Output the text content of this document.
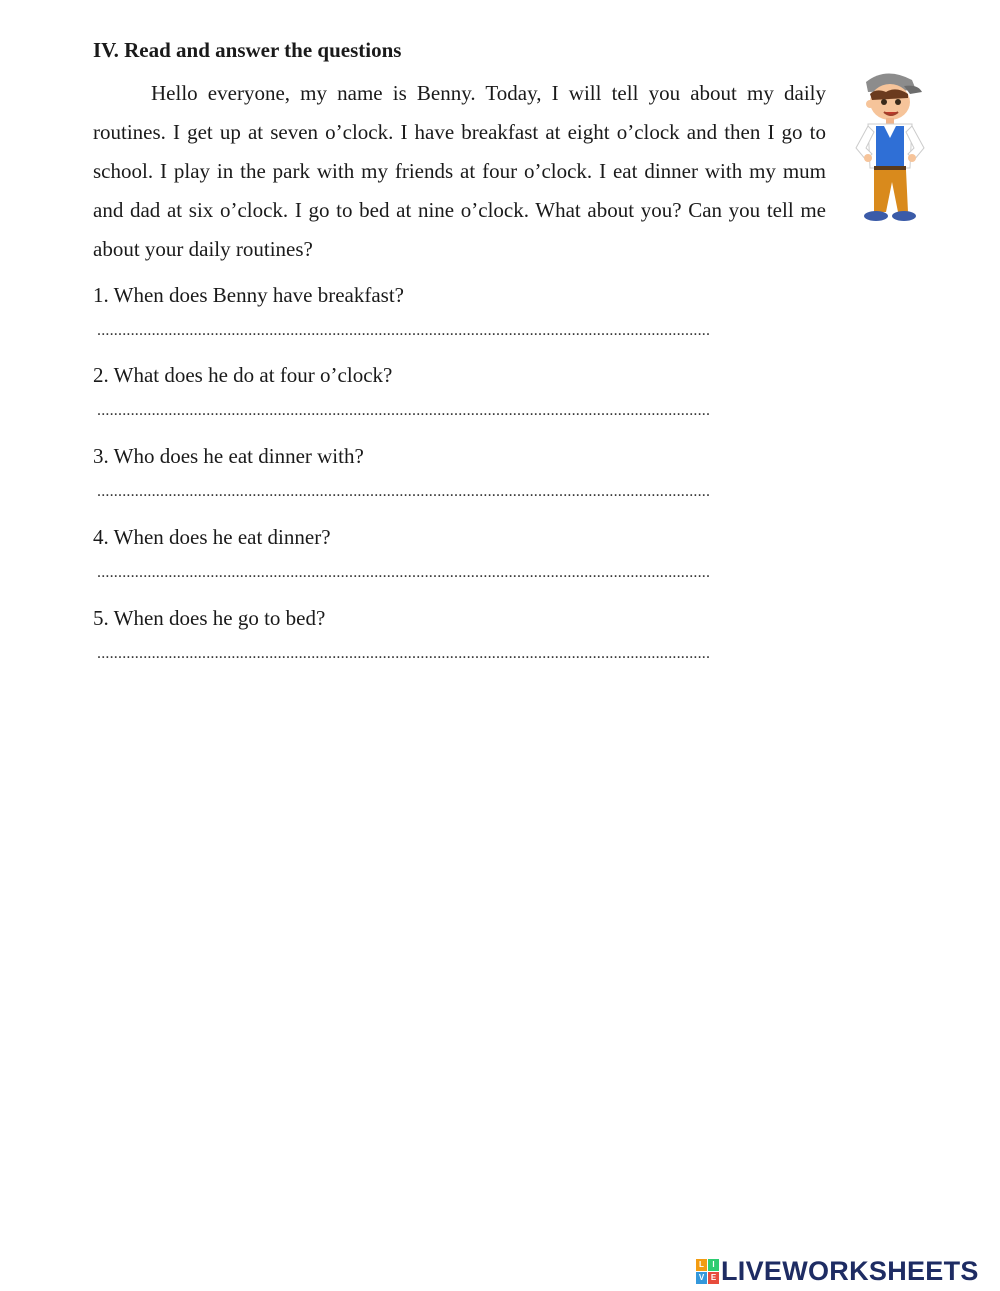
IV. Read and answer the questions

Hello everyone, my name is Benny. Today, I will tell you about my daily routines. I get up at seven o’clock. I have breakfast at eight o’clock and then I go to school. I play in the park with my friends at four o’clock. I eat dinner with my mum and dad at six o’clock. I go to bed at nine o’clock. What about you? Can you tell me about your daily routines?

1. When does Benny have breakfast?

..................................................................................................................................................

2. What does he do at four o’clock?

..................................................................................................................................................

3. Who does he eat dinner with?

..................................................................................................................................................

4. When does he eat dinner?

..................................................................................................................................................

5. When does he go to bed?

..................................................................................................................................................
L	I
V E LIVEWORKSHEETS
